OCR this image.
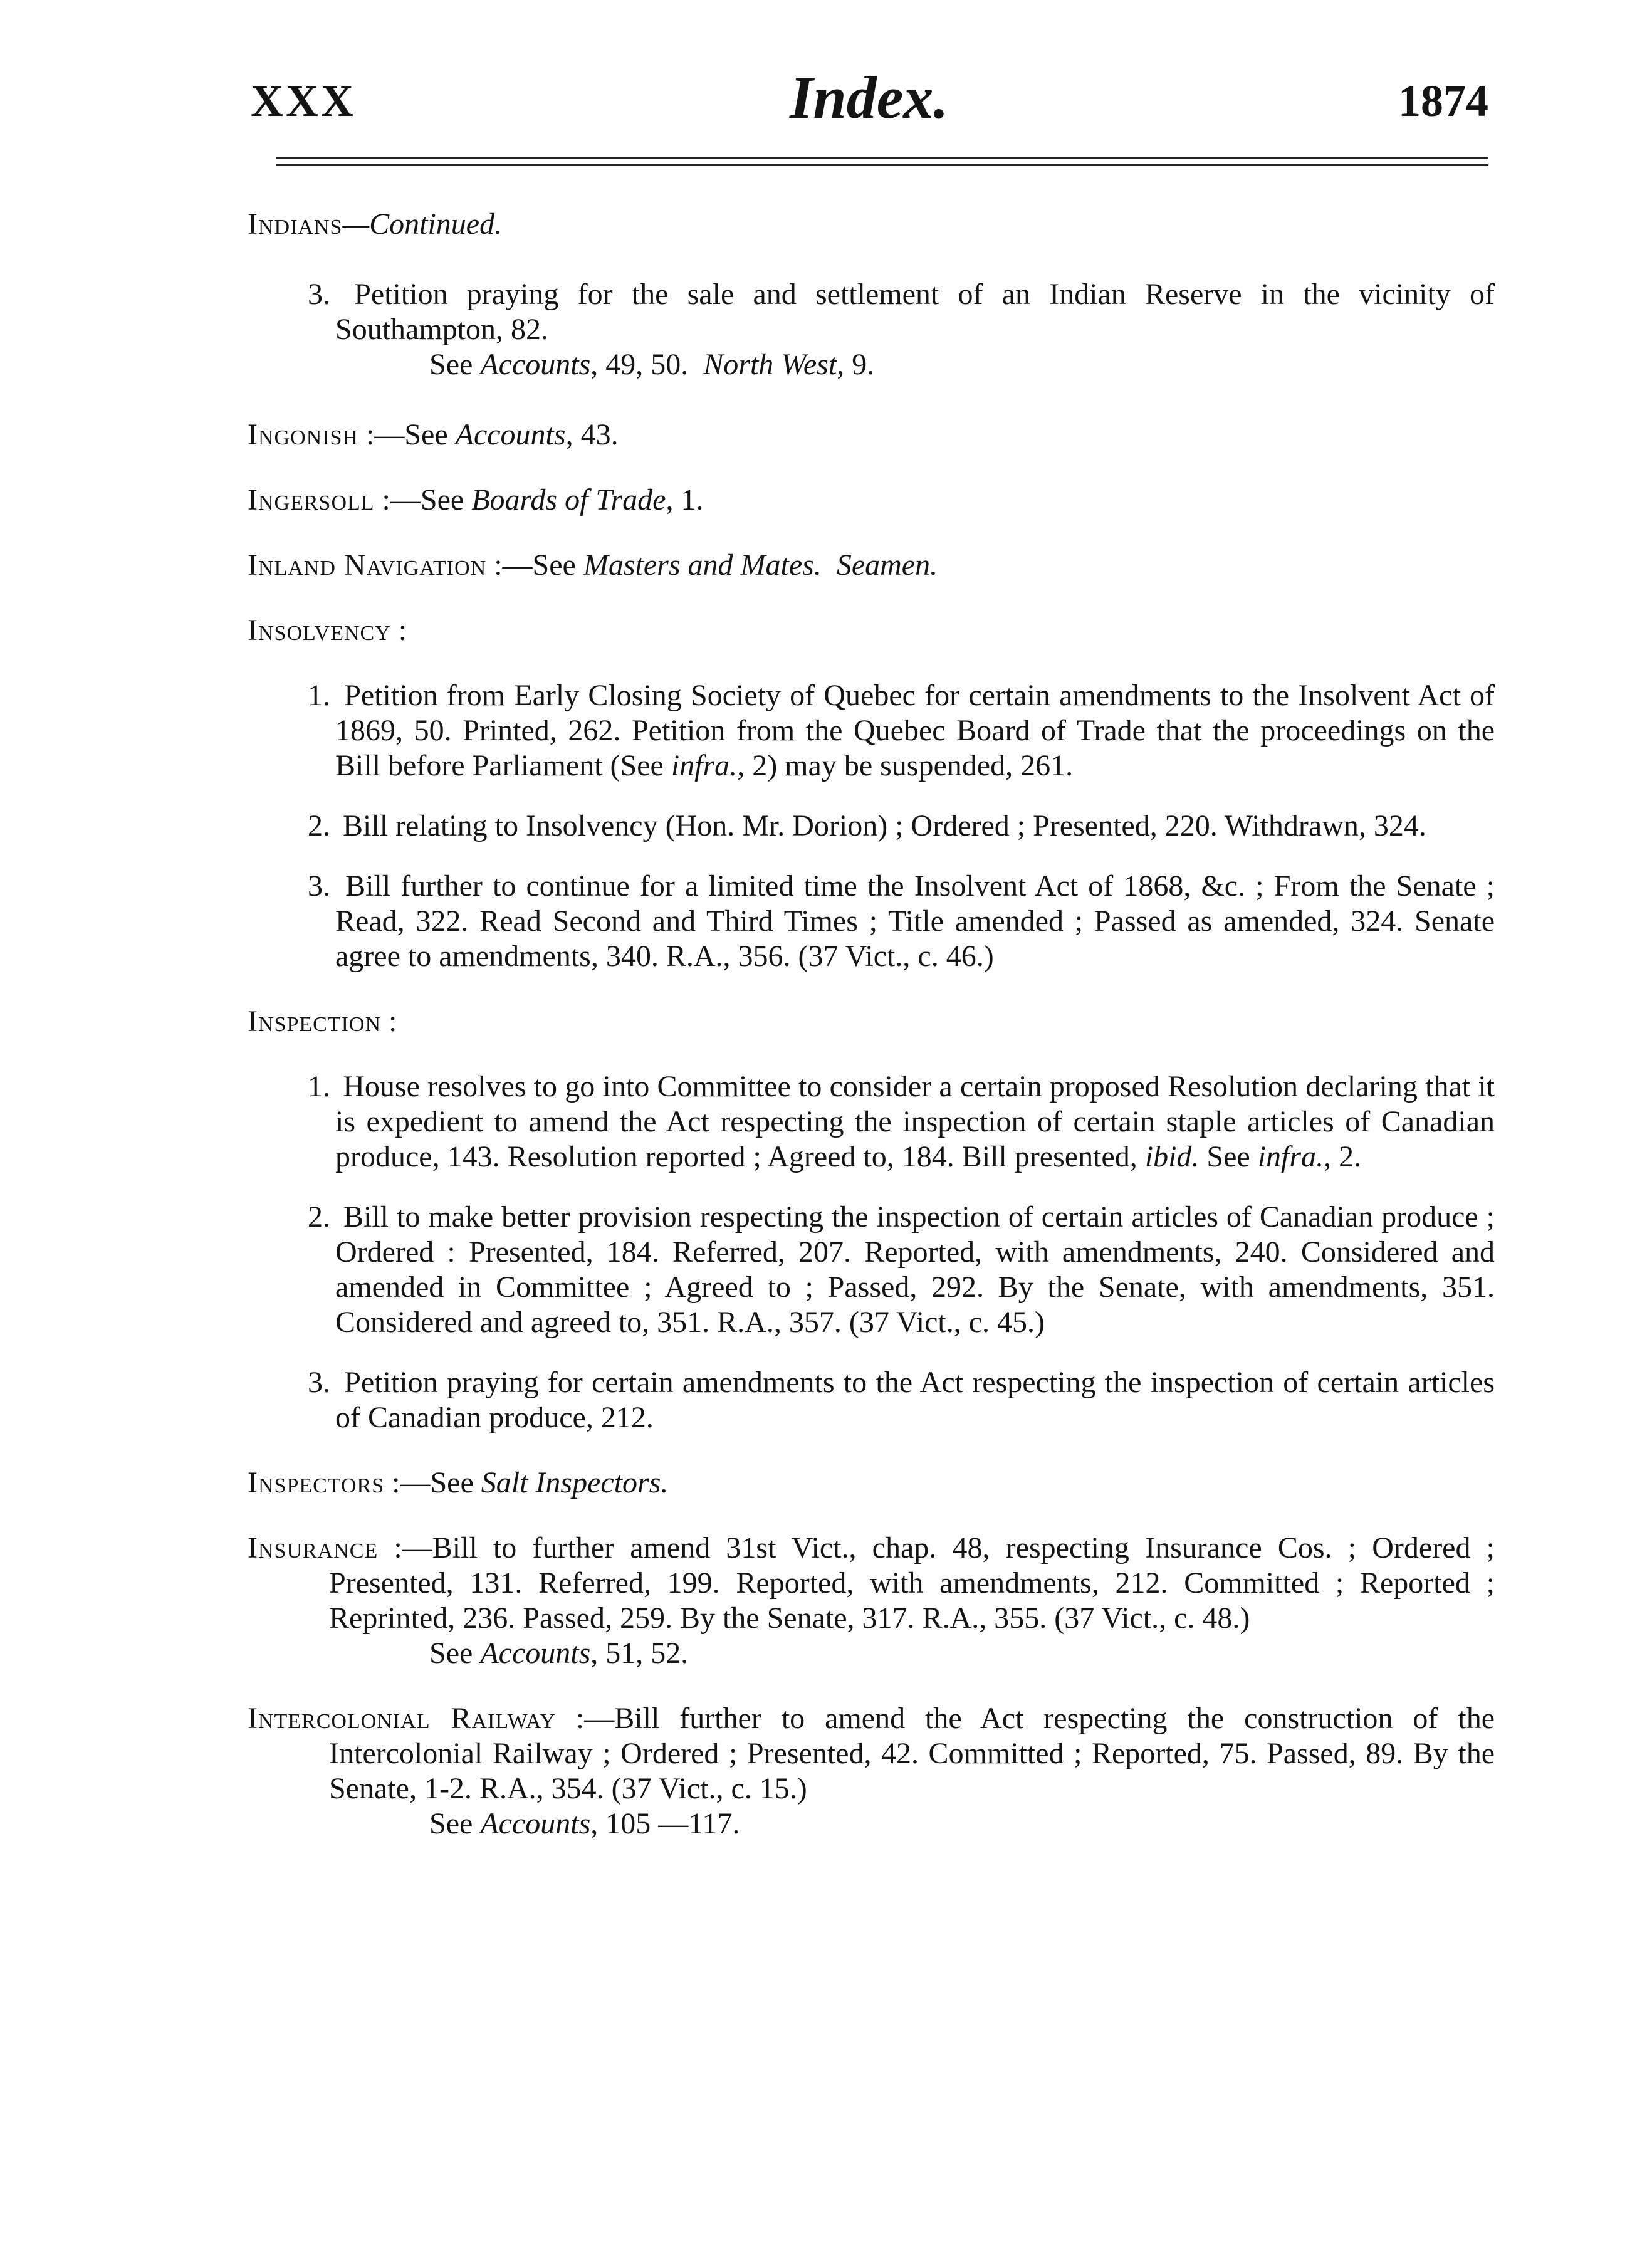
XXX	Index.	1874

Indians—Continued.

3. Petition praying for the sale and settlement of an Indian Reserve in the vicinity of Southampton, 82.

See Accounts, 49, 50. North West, 9.

Ingonish :—See Accounts, 43.

Ingersoll :—See Boards of Trade, 1.

Inland Navigation :—See Masters and Mates. Seamen.

Insolvency :

1. Petition from Early Closing Society of Quebec for certain amendments to the Insolvent Act of 1869, 50. Printed, 262. Petition from the Quebec Board of Trade that the proceedings on the Bill before Parliament (See infra., 2) may be suspended, 261.

2. Bill relating to Insolvency (Hon. Mr. Dorion) ; Ordered ; Presented, 220. Withdrawn, 324.

3. Bill further to continue for a limited time the Insolvent Act of 1868, &c. ; From the Senate ; Read, 322. Read Second and Third Times ; Title amended ; Passed as amended, 324. Senate agree to amendments, 340. R.A., 356. (37 Vict., c. 46.)

Inspection :

1. House resolves to go into Committee to consider a certain proposed Resolution declaring that it is expedient to amend the Act respecting the inspection of certain staple articles of Canadian produce, 143. Resolution reported ; Agreed to, 184. Bill presented, ibid. See infra., 2.

2. Bill to make better provision respecting the inspection of certain articles of Canadian produce ; Ordered : Presented, 184. Referred, 207. Reported, with amendments, 240. Considered and amended in Committee ; Agreed to ; Passed, 292. By the Senate, with amendments, 351. Considered and agreed to, 351. R.A., 357. (37 Vict., c. 45.)

3. Petition praying for certain amendments to the Act respecting the inspection of certain articles of Canadian produce, 212.

Inspectors :—See Salt Inspectors.

Insurance :—Bill to further amend 31st Vict., chap. 48, respecting Insurance Cos. ; Ordered ; Presented, 131. Referred, 199. Reported, with amendments, 212. Committed ; Reported ; Reprinted, 236. Passed, 259. By the Senate, 317. R.A., 355. (37 Vict., c. 48.)

See Accounts, 51, 52.

Intercolonial Railway :—Bill further to amend the Act respecting the construction of the Intercolonial Railway ; Ordered ; Presented, 42. Committed ; Reported, 75. Passed, 89. By the Senate, 1-2. R.A., 354. (37 Vict., c. 15.)

See Accounts, 105 —117.
